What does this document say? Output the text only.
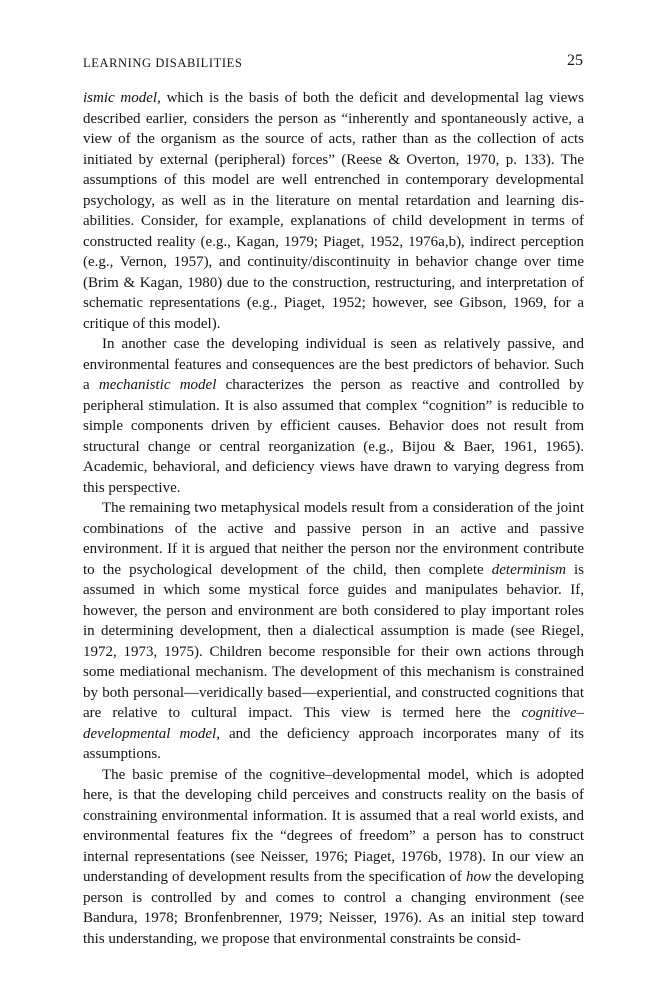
LEARNING DISABILITIES	25

ismic model, which is the basis of both the deficit and developmental lag views described earlier, considers the person as “inherently and spontaneously active, a view of the organism as the source of acts, rather than as the collection of acts initiated by external (peripheral) forces” (Reese & Overton, 1970, p. 133). The assumptions of this model are well entrenched in contemporary developmental psychology, as well as in the literature on mental retardation and learning disabilities. Consider, for example, explanations of child development in terms of constructed reality (e.g., Kagan, 1979; Piaget, 1952, 1976a,b), indirect perception (e.g., Vernon, 1957), and continuity/discontinuity in behavior change over time (Brim & Kagan, 1980) due to the construction, restructuring, and interpretation of schematic representations (e.g., Piaget, 1952; however, see Gibson, 1969, for a critique of this model).

In another case the developing individual is seen as relatively passive, and environmental features and consequences are the best predictors of behavior. Such a mechanistic model characterizes the person as reactive and controlled by peripheral stimulation. It is also assumed that complex “cognition” is reducible to simple components driven by efficient causes. Behavior does not result from structural change or central reorganization (e.g., Bijou & Baer, 1961, 1965). Academic, behavioral, and deficiency views have drawn to varying degress from this perspective.

The remaining two metaphysical models result from a consideration of the joint combinations of the active and passive person in an active and passive environment. If it is argued that neither the person nor the environment contribute to the psychological development of the child, then complete determinism is assumed in which some mystical force guides and manipulates behavior. If, however, the person and environment are both considered to play important roles in determining development, then a dialectical assumption is made (see Riegel, 1972, 1973, 1975). Children become responsible for their own actions through some mediational mechanism. The development of this mechanism is constrained by both personal—veridically based—experiential, and constructed cognitions that are relative to cultural impact. This view is termed here the cognitive–developmental model, and the deficiency approach incorporates many of its assumptions.

The basic premise of the cognitive–developmental model, which is adopted here, is that the developing child perceives and constructs reality on the basis of constraining environmental information. It is assumed that a real world exists, and environmental features fix the “degrees of freedom” a person has to construct internal representations (see Neisser, 1976; Piaget, 1976b, 1978). In our view an understanding of development results from the specification of how the developing person is controlled by and comes to control a changing environment (see Bandura, 1978; Bronfenbrenner, 1979; Neisser, 1976). As an initial step toward this understanding, we propose that environmental constraints be consid-
